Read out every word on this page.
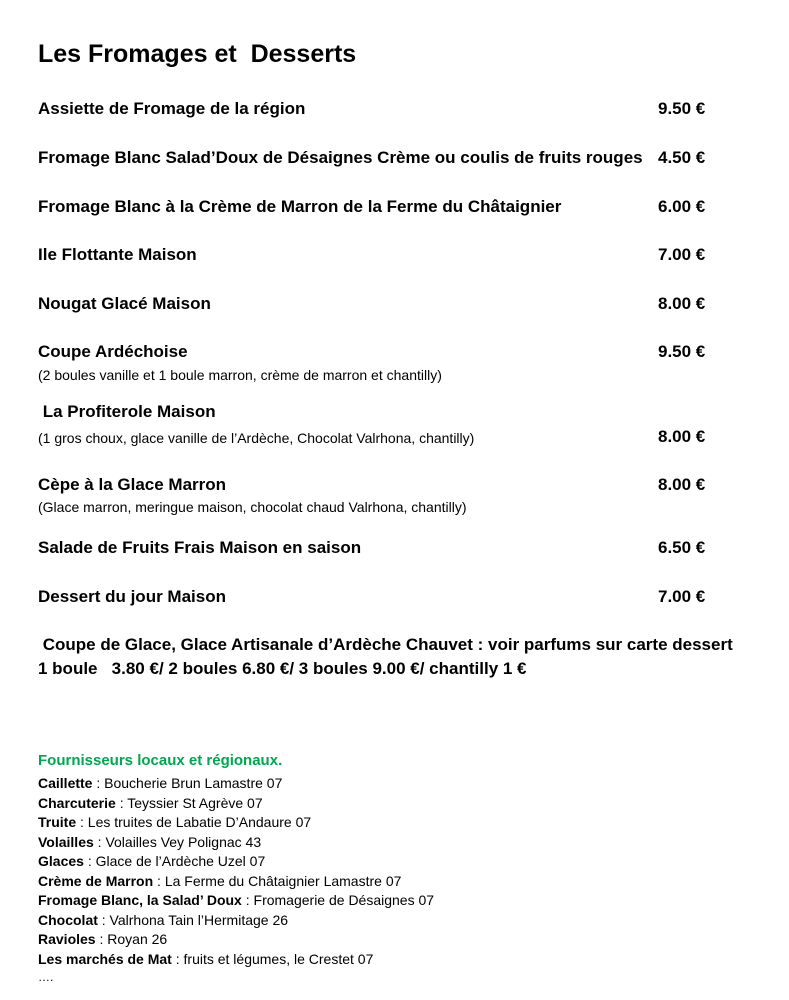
Les Fromages et  Desserts
Assiette de Fromage de la région	9.50 €
Fromage Blanc Salad’Doux de Désaignes Crème ou coulis de fruits rouges 4.50 €
Fromage Blanc à la Crème de Marron de la Ferme du Châtaignier	6.00 €
Ile Flottante Maison	7.00 €
Nougat Glacé Maison	8.00 €
Coupe Ardéchoise	9.50 €
(2 boules vanille et 1 boule marron, crème de marron et chantilly)
La Profiterole Maison
(1 gros choux, glace vanille de l’Ardèche, Chocolat Valrhona, chantilly)	8.00 €
Cèpe à la Glace Marron	8.00 €
(Glace marron, meringue maison, chocolat chaud Valrhona, chantilly)
Salade de Fruits Frais Maison en saison	6.50 €
Dessert du jour Maison	7.00 €
Coupe de Glace, Glace Artisanale d’Ardèche Chauvet : voir parfums sur carte dessert
1 boule   3.80 €/ 2 boules 6.80 €/ 3 boules 9.00 €/ chantilly 1 €
Fournisseurs locaux et régionaux.
Caillette : Boucherie Brun Lamastre 07
Charcuterie : Teyssier St Agrève 07
Truite : Les truites de Labatie D’Andaure 07
Volailles : Volailles Vey Polignac 43
Glaces : Glace de l’Ardèche Uzel 07
Crème de Marron : La Ferme du Châtaignier Lamastre 07
Fromage Blanc, la Salad’ Doux : Fromagerie de Désaignes 07
Chocolat : Valrhona Tain l’Hermitage 26
Ravioles : Royan 26
Les marchés de Mat : fruits et légumes, le Crestet 07
….
